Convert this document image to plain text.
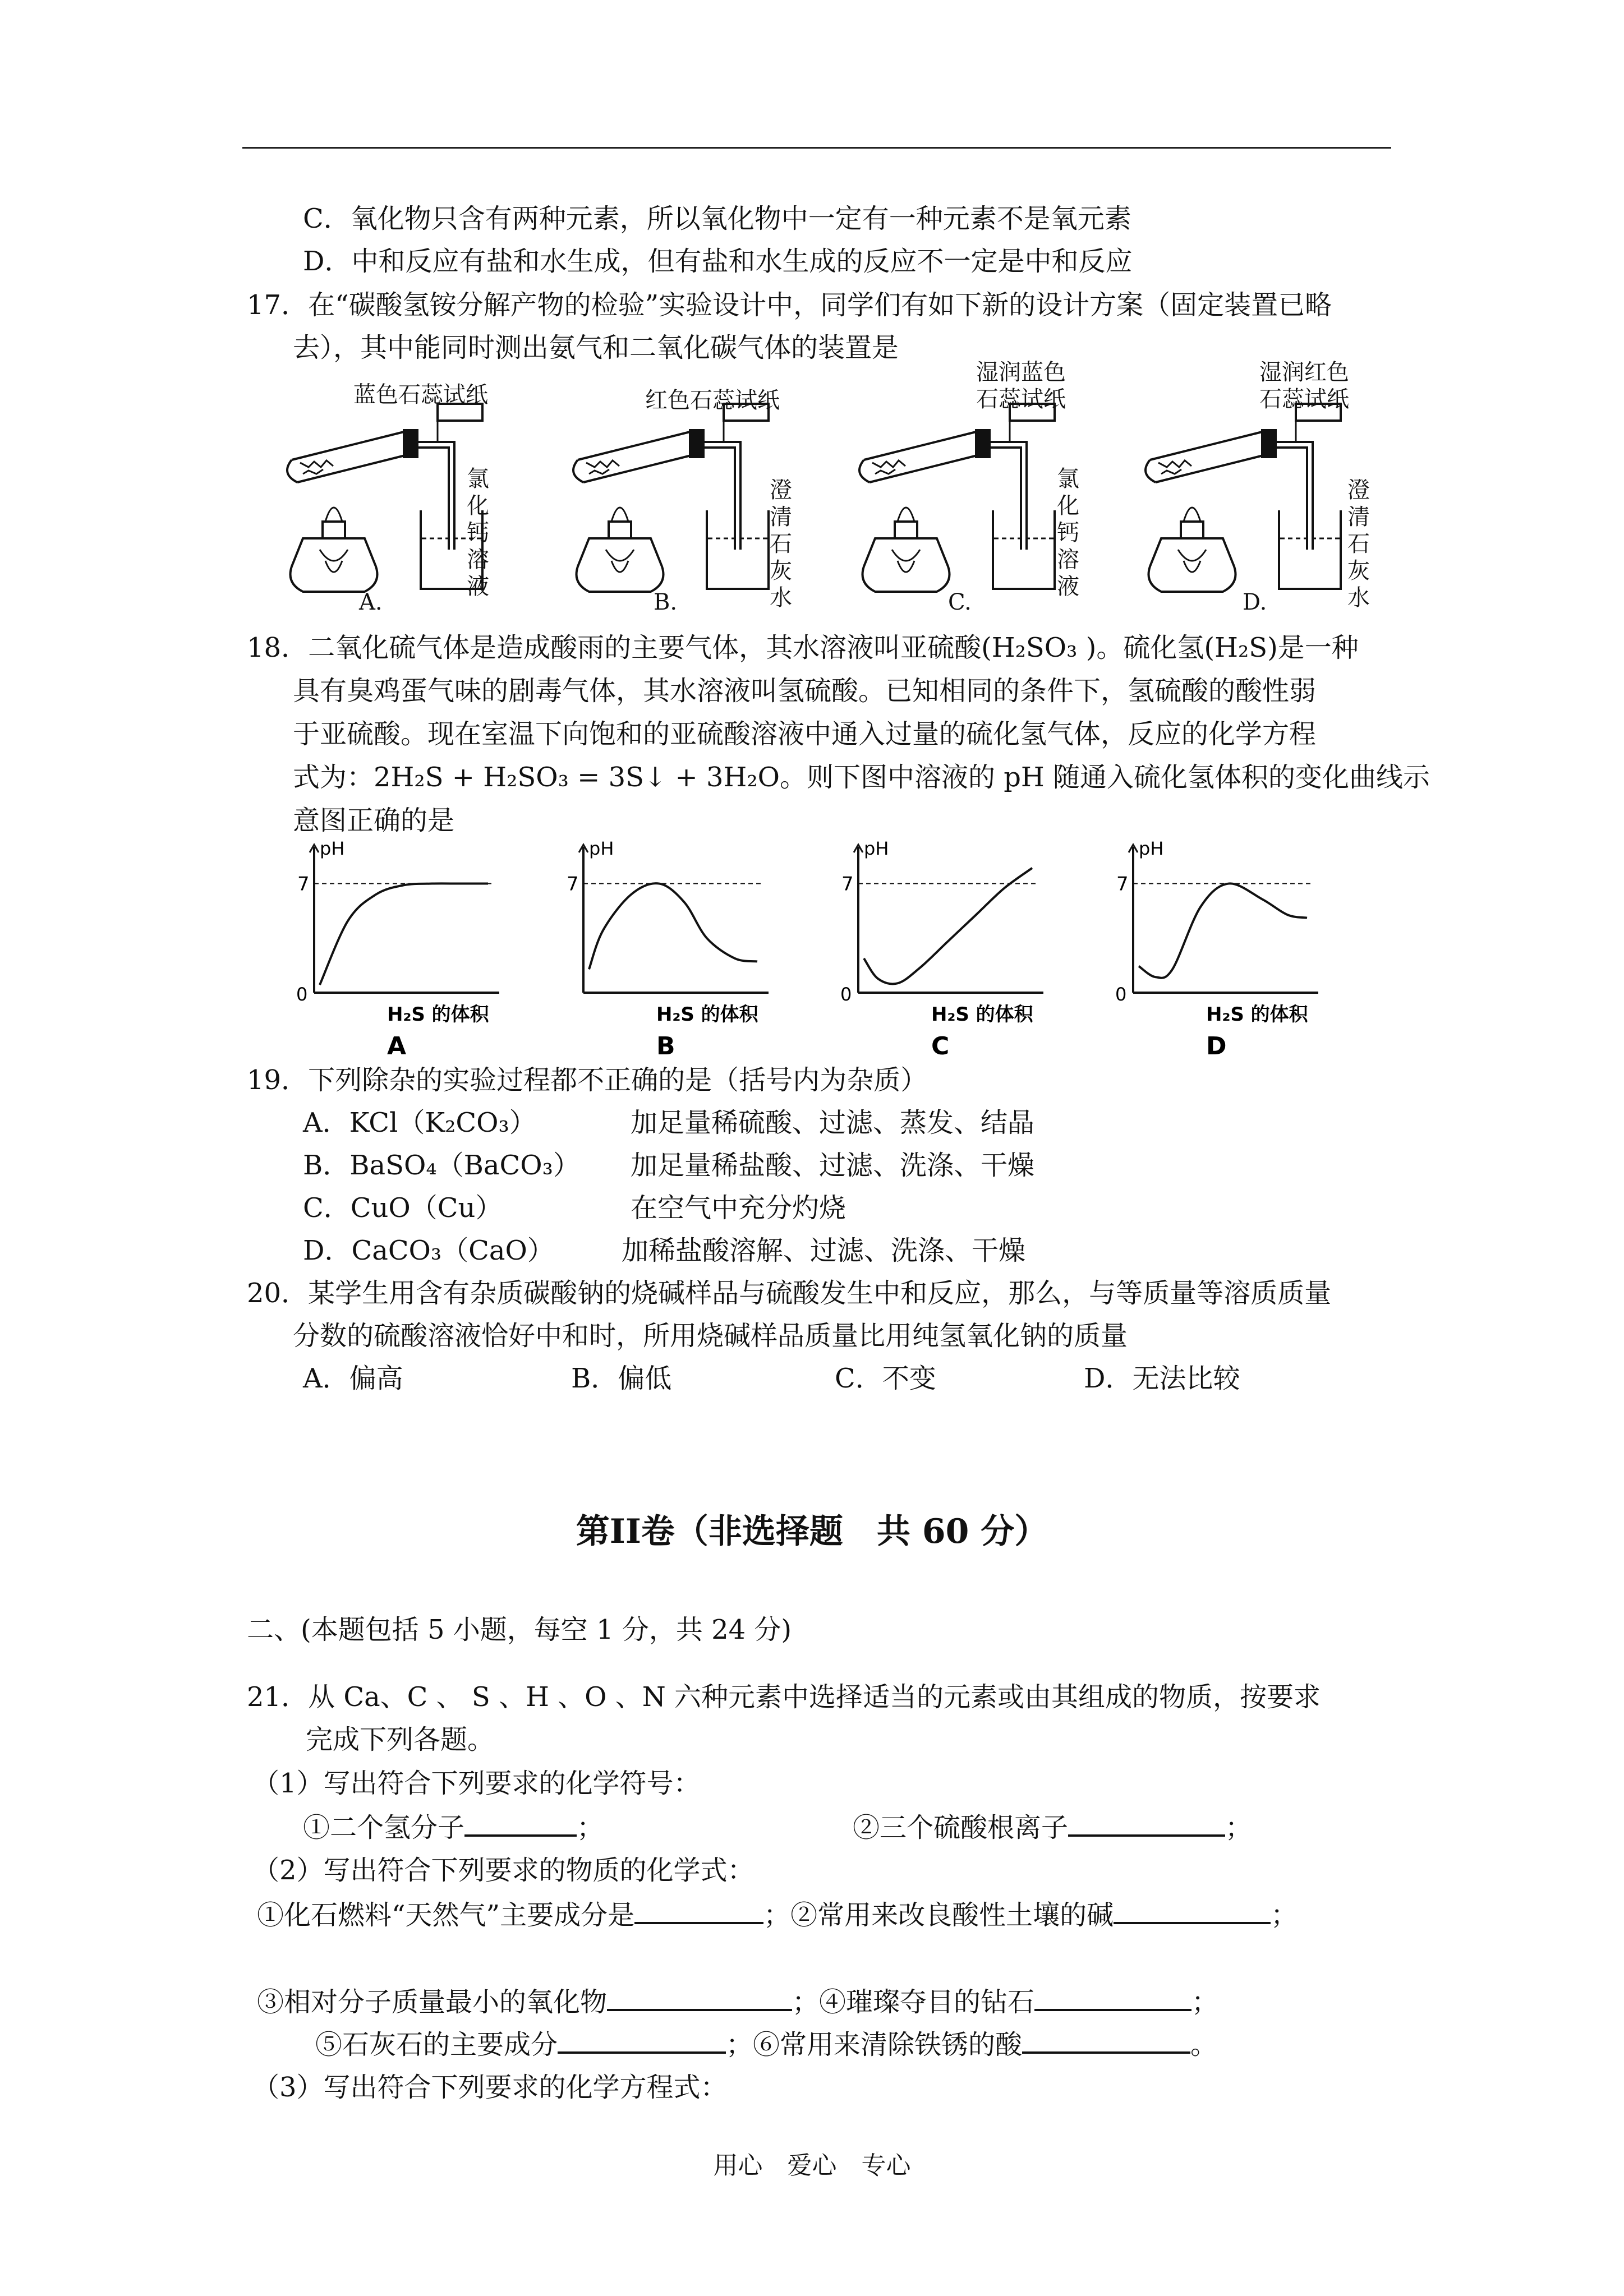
C．氧化物只含有两种元素，所以氧化物中一定有一种元素不是氧元素
D．中和反应有盐和水生成，但有盐和水生成的反应不一定是中和反应
17．在“碳酸氢铵分解产物的检验”实验设计中，同学们有如下新的设计方案（固定装置已略
去），其中能同时测出氨气和二氧化碳气体的装置是
蓝色石蕊试纸
氯化钙溶液
A.
红色石蕊试纸
澄清石灰水
B.
湿润蓝色石蕊试纸
氯化钙溶液
C.
湿润红色石蕊试纸
澄清石灰水
D.
18．二氧化硫气体是造成酸雨的主要气体，其水溶液叫亚硫酸(H₂SO₃ )。硫化氢(H₂S)是一种
具有臭鸡蛋气味的剧毒气体，其水溶液叫氢硫酸。已知相同的条件下，氢硫酸的酸性弱
于亚硫酸。现在室温下向饱和的亚硫酸溶液中通入过量的硫化氢气体，反应的化学方程
式为：2H₂S + H₂SO₃ = 3S↓ + 3H₂O。则下图中溶液的 pH 随通入硫化氢体积的变化曲线示
意图正确的是
7
pH
0
H₂S 的体积
A
7
pH
H₂S 的体积
B
7
pH
0
H₂S 的体积
C
7
pH
0
H₂S 的体积
D
19．下列除杂的实验过程都不正确的是（括号内为杂质）
A．KCl（K₂CO₃）	加足量稀硫酸、过滤、蒸发、结晶
B．BaSO₄（BaCO₃） 加足量稀盐酸、过滤、洗涤、干燥
C．CuO（Cu）	在空气中充分灼烧
D．CaCO₃（CaO）	加稀盐酸溶解、过滤、洗涤、干燥
20．某学生用含有杂质碳酸钠的烧碱样品与硫酸发生中和反应，那么，与等质量等溶质质量
分数的硫酸溶液恰好中和时，所用烧碱样品质量比用纯氢氧化钠的质量
A．偏高	B．偏低	C．不变	D．无法比较
第II卷（非选择题　共 60 分）
二、(本题包括 5 小题，每空 1 分，共 24 分)
21．从 Ca、C 、 S 、H 、O 、N 六种元素中选择适当的元素或由其组成的物质，按要求
完成下列各题。
（1）写出符合下列要求的化学符号：
①二个氢分子	；	②三个硫酸根离子	；
（2）写出符合下列要求的物质的化学式：
①化石燃料“天然气”主要成分是	；②常用来改良酸性土壤的碱	；
③相对分子质量最小的氧化物	；④璀璨夺目的钻石	；
⑤石灰石的主要成分	；⑥常用来清除铁锈的酸	。
（3）写出符合下列要求的化学方程式：
用心　爱心　专心
